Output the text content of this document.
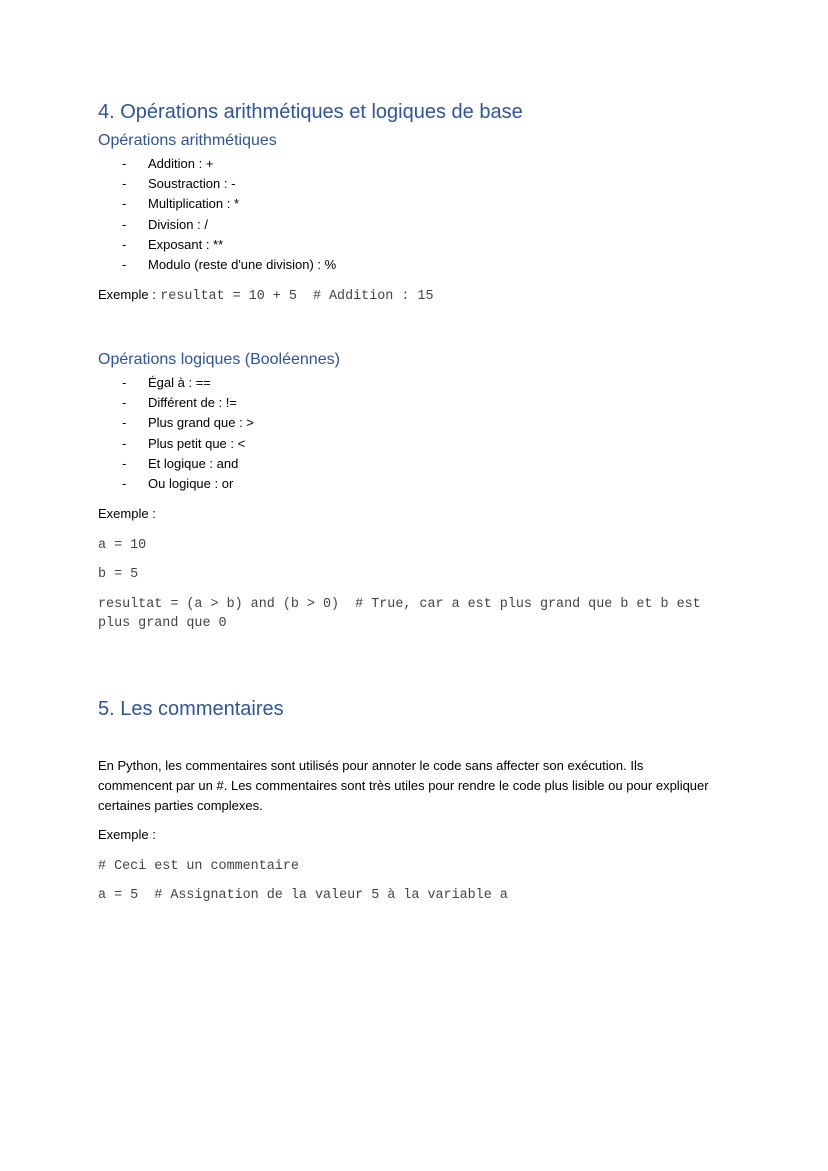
4. Opérations arithmétiques et logiques de base
Opérations arithmétiques
- Addition : +
- Soustraction : -
- Multiplication : *
- Division : /
- Exposant : **
- Modulo (reste d'une division) : %
Exemple : resultat = 10 + 5  # Addition : 15
Opérations logiques (Booléennes)
- Égal à : ==
- Différent de : !=
- Plus grand que : >
- Plus petit que : <
- Et logique : and
- Ou logique : or
Exemple :
a = 10
b = 5
resultat = (a > b) and (b > 0)  # True, car a est plus grand que b et b est plus grand que 0
5. Les commentaires

En Python, les commentaires sont utilisés pour annoter le code sans affecter son exécution. Ils commencent par un #. Les commentaires sont très utiles pour rendre le code plus lisible ou pour expliquer certaines parties complexes.

Exemple :
# Ceci est un commentaire
a = 5  # Assignation de la valeur 5 à la variable a
